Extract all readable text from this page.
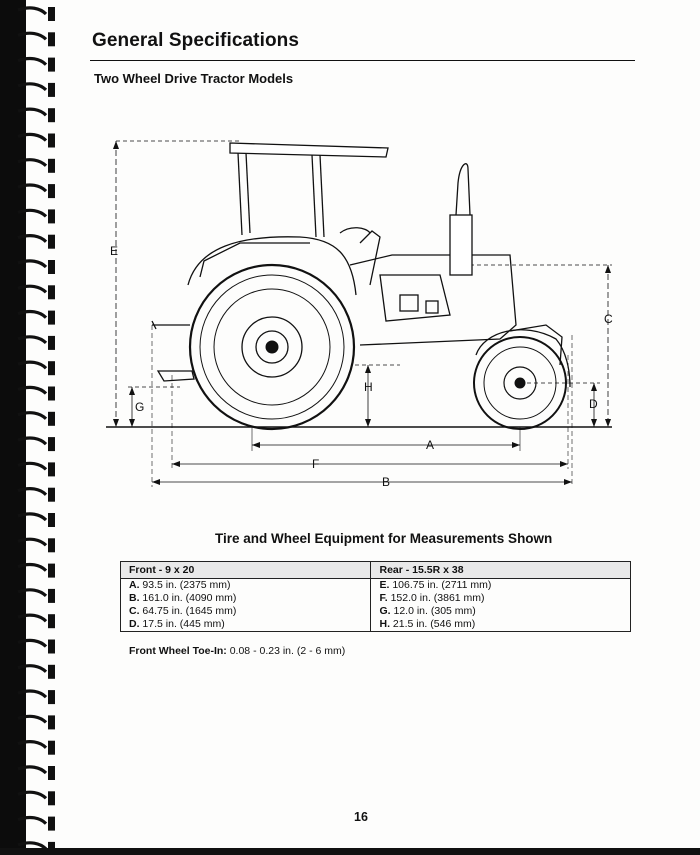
General Specifications
Two Wheel Drive Tractor Models
E
C
D
G
H
A
F
B
Tire and Wheel Equipment for Measurements Shown
Front - 9 x 20	Rear - 15.5R x 38
A. 93.5 in. (2375 mm)	E. 106.75 in. (2711 mm)
B. 161.0 in. (4090 mm)	F. 152.0 in. (3861 mm)
C. 64.75 in. (1645 mm)	G. 12.0 in. (305 mm)
D. 17.5 in. (445 mm)	H. 21.5 in. (546 mm)
Front Wheel Toe-In: 0.08 - 0.23 in. (2 - 6 mm)
16
